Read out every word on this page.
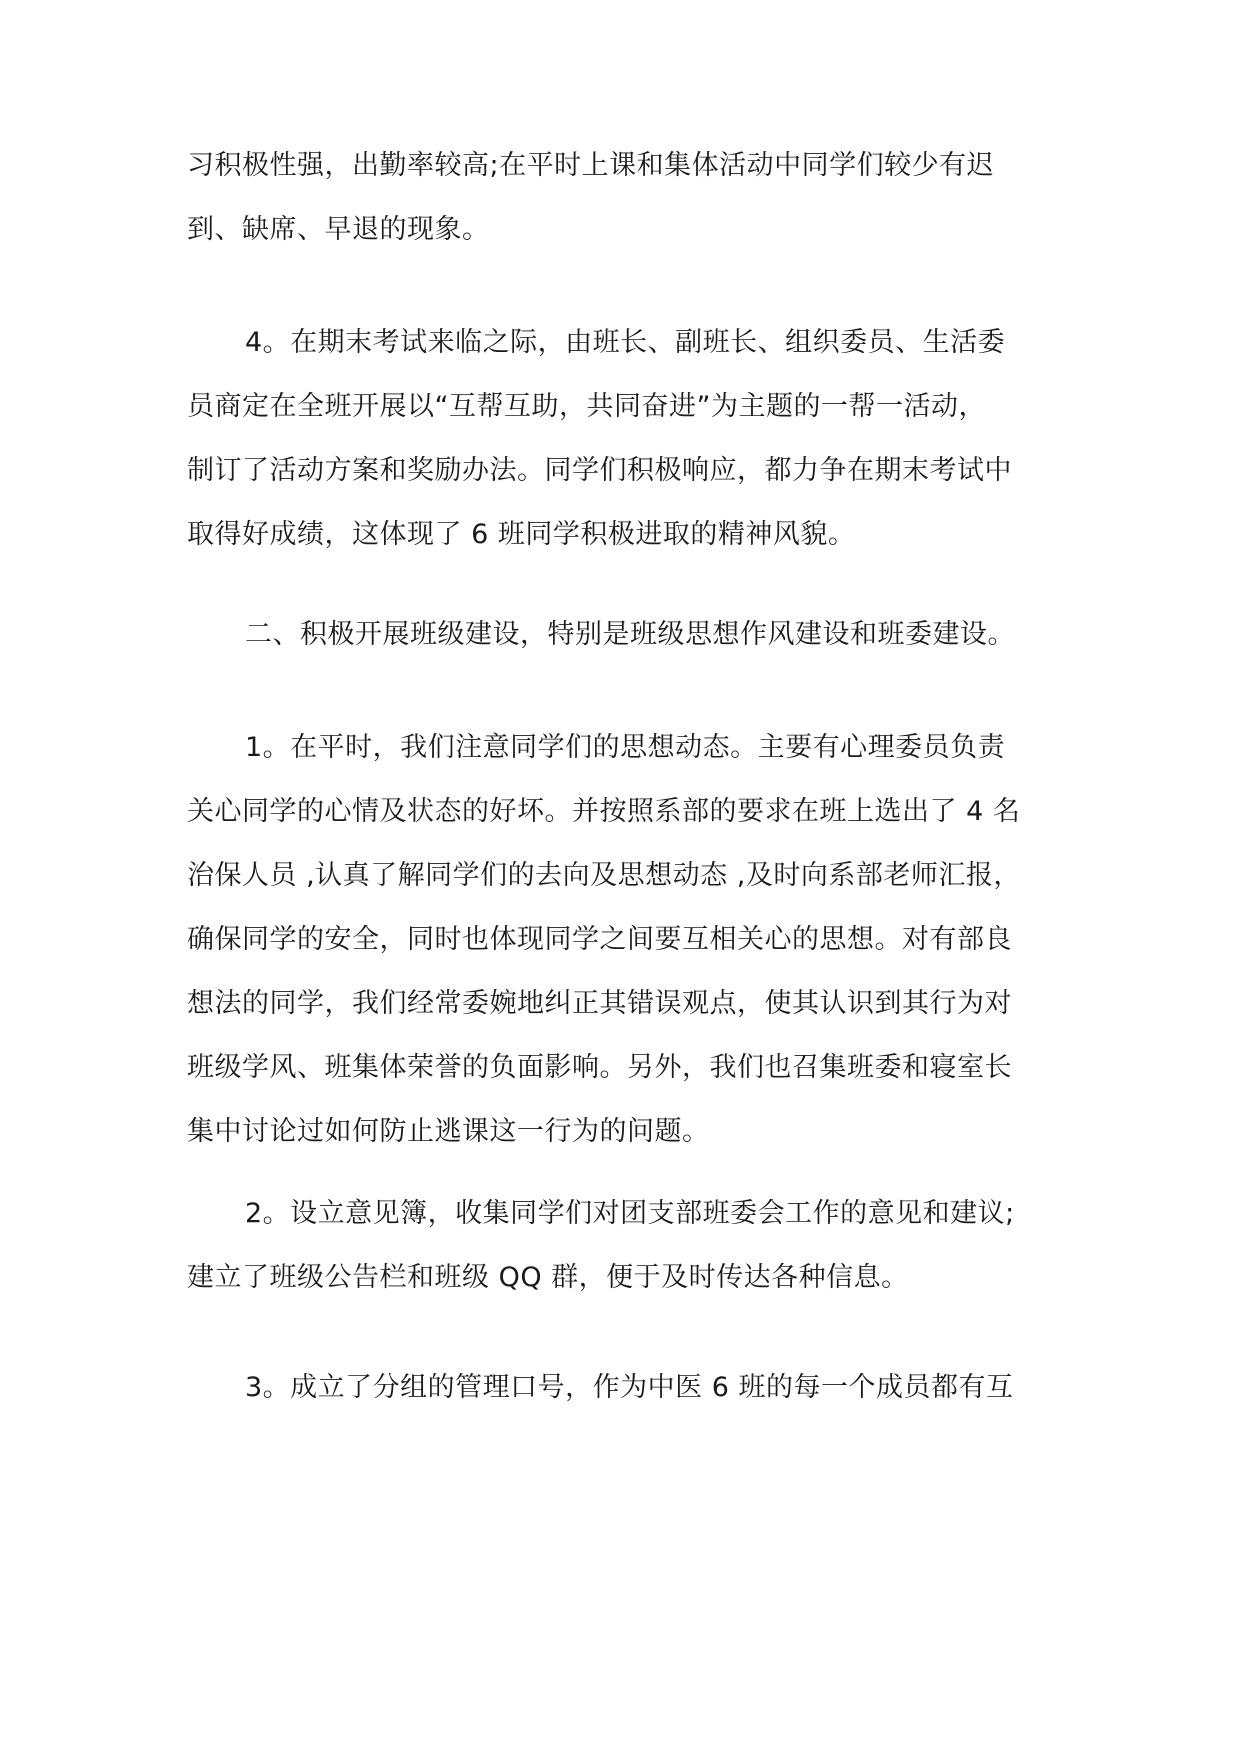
习积极性强，出勤率较高;在平时上课和集体活动中同学们较少有迟
到、缺席、早退的现象。
4。在期末考试来临之际，由班长、副班长、组织委员、生活委
员商定在全班开展以“互帮互助，共同奋进”为主题的一帮一活动，
制订了活动方案和奖励办法。同学们积极响应，都力争在期末考试中
取得好成绩，这体现了 6 班同学积极进取的精神风貌。
二、积极开展班级建设，特别是班级思想作风建设和班委建设。
1。在平时，我们注意同学们的思想动态。主要有心理委员负责
关心同学的心情及状态的好坏。并按照系部的要求在班上选出了 4 名
治保人员 ,认真了解同学们的去向及思想动态 ,及时向系部老师汇报，
确保同学的安全，同时也体现同学之间要互相关心的思想。对有部良
想法的同学，我们经常委婉地纠正其错误观点，使其认识到其行为对
班级学风、班集体荣誉的负面影响。另外，我们也召集班委和寝室长
集中讨论过如何防止逃课这一行为的问题。
2。设立意见簿，收集同学们对团支部班委会工作的意见和建议;
建立了班级公告栏和班级 QQ 群，便于及时传达各种信息。
3。成立了分组的管理口号，作为中医 6 班的每一个成员都有互
